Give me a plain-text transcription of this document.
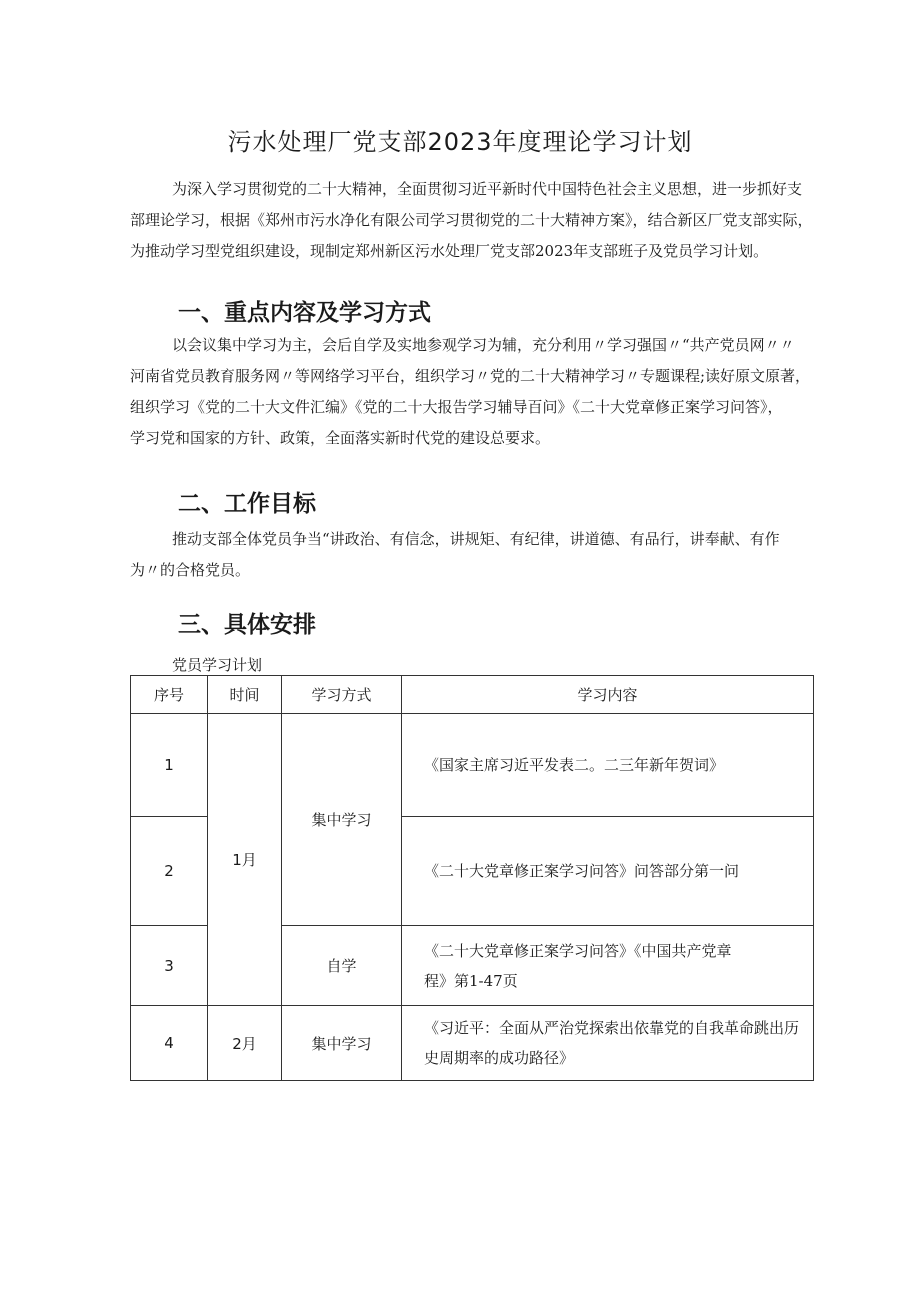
污水处理厂党支部2023年度理论学习计划
为深入学习贯彻党的二十大精神，全面贯彻习近平新时代中国特色社会主义思想，进一步抓好支
部理论学习，根据《郑州市污水净化有限公司学习贯彻党的二十大精神方案》，结合新区厂党支部实际，
为推动学习型党组织建设，现制定郑州新区污水处理厂党支部2023年支部班子及党员学习计划。
一、重点内容及学习方式
以会议集中学习为主，会后自学及实地参观学习为辅，充分利用〃学习强国〃“共产党员网〃〃
河南省党员教育服务网〃等网络学习平台，组织学习〃党的二十大精神学习〃专题课程;读好原文原著，
组织学习《党的二十大文件汇编》《党的二十大报告学习辅导百问》《二十大党章修正案学习问答》，
学习党和国家的方针、政策，全面落实新时代党的建设总要求。
二、工作目标
推动支部全体党员争当“讲政治、有信念，讲规矩、有纪律，讲道德、有品行，讲奉献、有作
为〃的合格党员。
三、具体安排
党员学习计划
序号	时间	学习方式	学习内容
1	1月	集中学习	《国家主席习近平发表二。二三年新年贺词》
2			《二十大党章修正案学习问答》问答部分第一问
3		自学	《二十大党章修正案学习问答》《中国共产党章
程》第1-47页
4	2月	集中学习	《习近平：全面从严治党探索出依靠党的自我革命跳出历
史周期率的成功路径》
